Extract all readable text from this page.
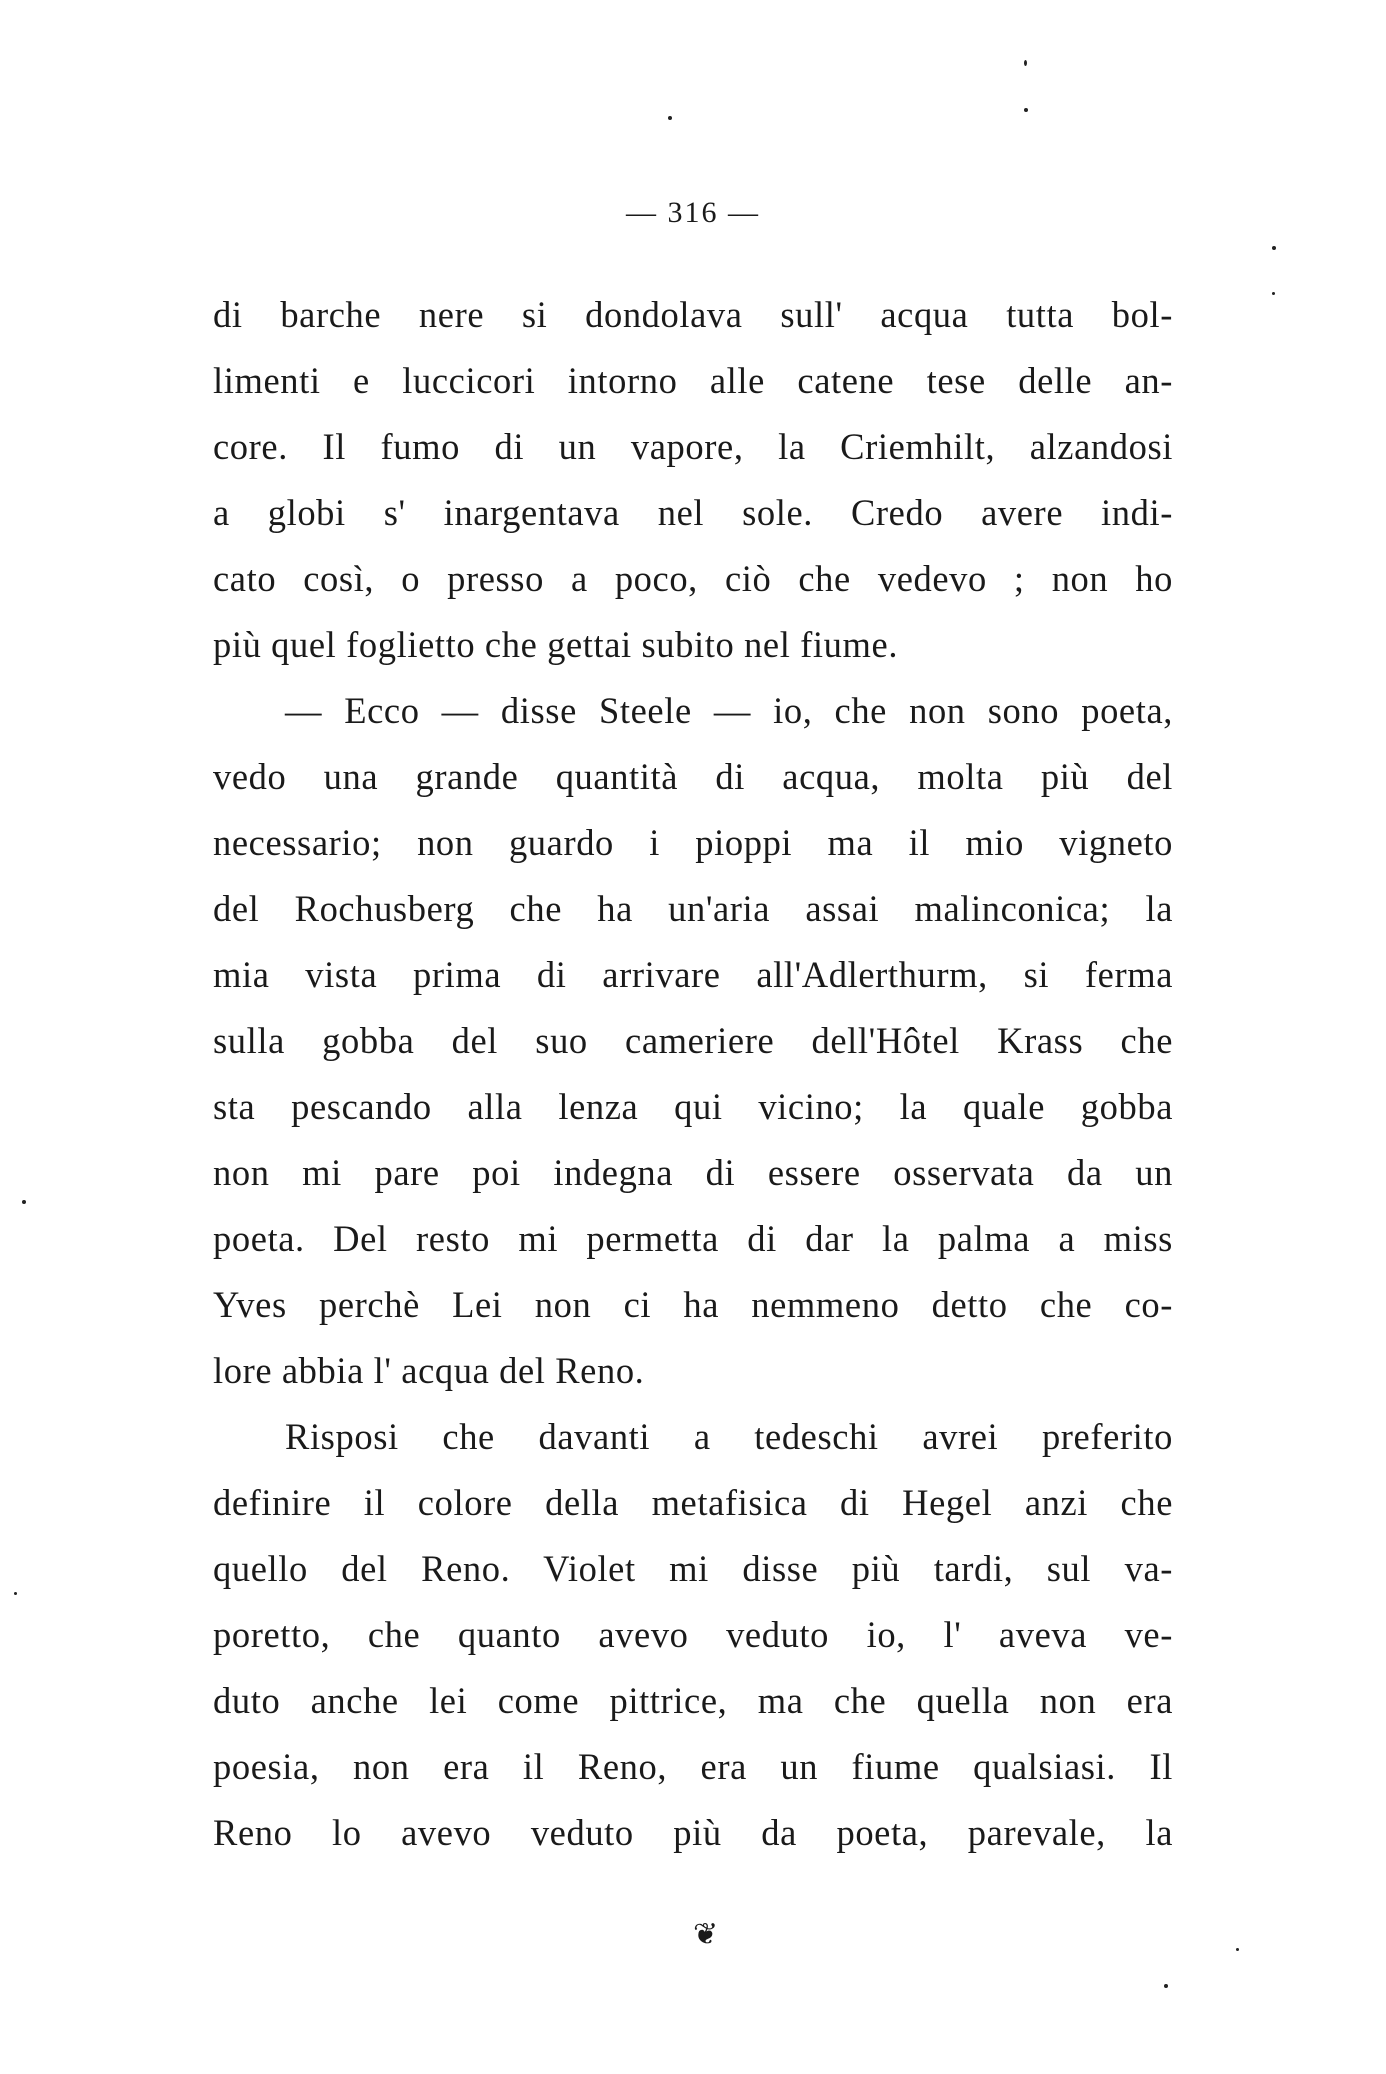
— 316 —
di barche nere si dondolava sull' acqua tutta bol-
limenti e luccicori intorno alle catene tese delle an-
core. Il fumo di un vapore, la Criemhilt, alzandosi
a globi s' inargentava nel sole. Credo avere indi-
cato così, o presso a poco, ciò che vedevo ; non ho
più quel foglietto che gettai subito nel fiume.
— Ecco — disse Steele — io, che non sono poeta,
vedo una grande quantità di acqua, molta più del
necessario; non guardo i pioppi ma il mio vigneto
del Rochusberg che ha un'aria assai malinconica; la
mia vista prima di arrivare all'Adlerthurm, si ferma
sulla gobba del suo cameriere dell'Hôtel Krass che
sta pescando alla lenza qui vicino; la quale gobba
non mi pare poi indegna di essere osservata da un
poeta. Del resto mi permetta di dar la palma a miss
Yves perchè Lei non ci ha nemmeno detto che co-
lore abbia l' acqua del Reno.
Risposi che davanti a tedeschi avrei preferito
definire il colore della metafisica di Hegel anzi che
quello del Reno. Violet mi disse più tardi, sul va-
poretto, che quanto avevo veduto io, l' aveva ve-
duto anche lei come pittrice, ma che quella non era
poesia, non era il Reno, era un fiume qualsiasi. Il
Reno lo avevo veduto più da poeta, parevale, la
❦
